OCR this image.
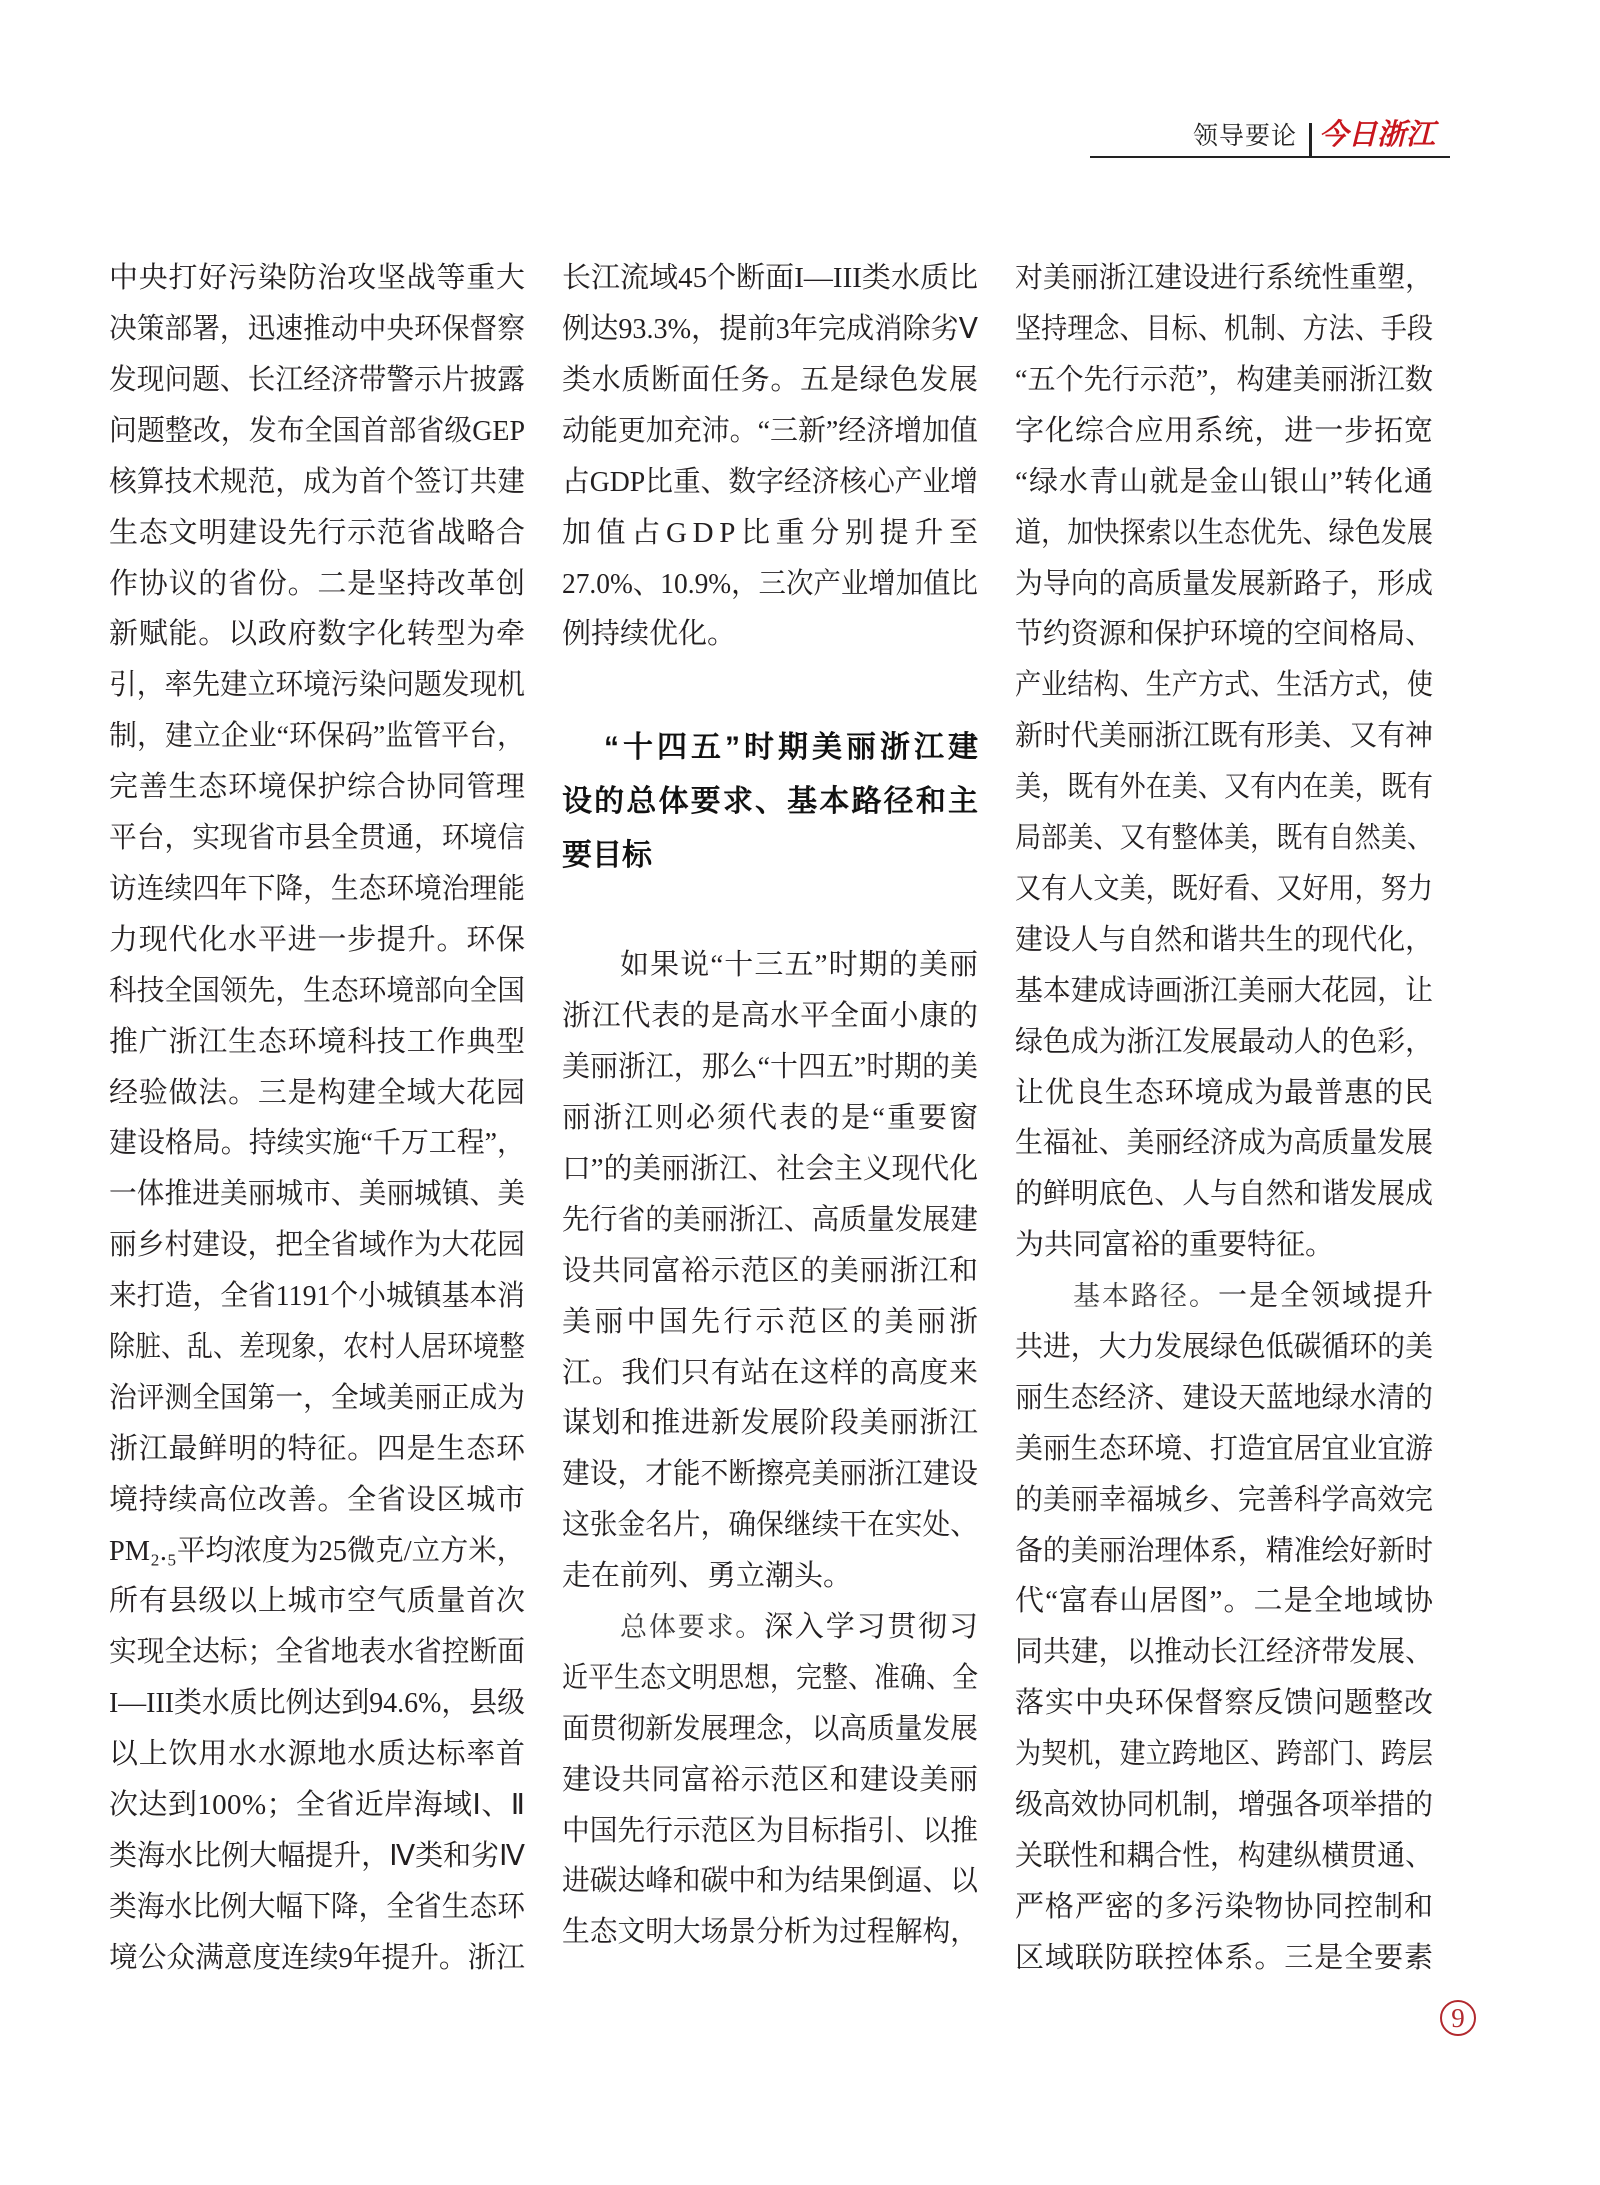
领导要论 今日浙江
中央打好污染防治攻坚战等重大
决策部署，迅速推动中央环保督察
发现问题、长江经济带警示片披露
问题整改，发布全国首部省级GEP
核算技术规范，成为首个签订共建
生态文明建设先行示范省战略合
作协议的省份。二是坚持改革创
新赋能。以政府数字化转型为牵
引，率先建立环境污染问题发现机
制，建立企业“环保码”监管平台，
完善生态环境保护综合协同管理
平台，实现省市县全贯通，环境信
访连续四年下降，生态环境治理能
力现代化水平进一步提升。环保
科技全国领先，生态环境部向全国
推广浙江生态环境科技工作典型
经验做法。三是构建全域大花园
建设格局。持续实施“千万工程”，
一体推进美丽城市、美丽城镇、美
丽乡村建设，把全省域作为大花园
来打造，全省1191个小城镇基本消
除脏、乱、差现象，农村人居环境整
治评测全国第一，全域美丽正成为
浙江最鲜明的特征。四是生态环
境持续高位改善。全省设区城市
PM₂.₅平均浓度为25微克/立方米，
所有县级以上城市空气质量首次
实现全达标；全省地表水省控断面
I—III类水质比例达到94.6%，县级
以上饮用水水源地水质达标率首
次达到100%；全省近岸海域Ⅰ、Ⅱ
类海水比例大幅提升，Ⅳ类和劣Ⅳ
类海水比例大幅下降，全省生态环
境公众满意度连续9年提升。浙江
长江流域45个断面I—III类水质比
例达93.3%，提前3年完成消除劣Ⅴ
类水质断面任务。五是绿色发展
动能更加充沛。“三新”经济增加值
占GDP比重、数字经济核心产业增
加值占GDP比重分别提升至
27.0%、10.9%，三次产业增加值比
例持续优化。
“十四五”时期美丽浙江建
设的总体要求、基本路径和主
要目标
如果说“十三五”时期的美丽
浙江代表的是高水平全面小康的
美丽浙江，那么“十四五”时期的美
丽浙江则必须代表的是“重要窗
口”的美丽浙江、社会主义现代化
先行省的美丽浙江、高质量发展建
设共同富裕示范区的美丽浙江和
美丽中国先行示范区的美丽浙
江。我们只有站在这样的高度来
谋划和推进新发展阶段美丽浙江
建设，才能不断擦亮美丽浙江建设
这张金名片，确保继续干在实处、
走在前列、勇立潮头。
总体要求。深入学习贯彻习
近平生态文明思想，完整、准确、全
面贯彻新发展理念，以高质量发展
建设共同富裕示范区和建设美丽
中国先行示范区为目标指引、以推
进碳达峰和碳中和为结果倒逼、以
生态文明大场景分析为过程解构，
对美丽浙江建设进行系统性重塑，
坚持理念、目标、机制、方法、手段
“五个先行示范”，构建美丽浙江数
字化综合应用系统，进一步拓宽
“绿水青山就是金山银山”转化通
道，加快探索以生态优先、绿色发展
为导向的高质量发展新路子，形成
节约资源和保护环境的空间格局、
产业结构、生产方式、生活方式，使
新时代美丽浙江既有形美、又有神
美，既有外在美、又有内在美，既有
局部美、又有整体美，既有自然美、
又有人文美，既好看、又好用，努力
建设人与自然和谐共生的现代化，
基本建成诗画浙江美丽大花园，让
绿色成为浙江发展最动人的色彩，
让优良生态环境成为最普惠的民
生福祉、美丽经济成为高质量发展
的鲜明底色、人与自然和谐发展成
为共同富裕的重要特征。
基本路径。一是全领域提升
共进，大力发展绿色低碳循环的美
丽生态经济、建设天蓝地绿水清的
美丽生态环境、打造宜居宜业宜游
的美丽幸福城乡、完善科学高效完
备的美丽治理体系，精准绘好新时
代“富春山居图”。二是全地域协
同共建，以推动长江经济带发展、
落实中央环保督察反馈问题整改
为契机，建立跨地区、跨部门、跨层
级高效协同机制，增强各项举措的
关联性和耦合性，构建纵横贯通、
严格严密的多污染物协同控制和
区域联防联控体系。三是全要素
9
